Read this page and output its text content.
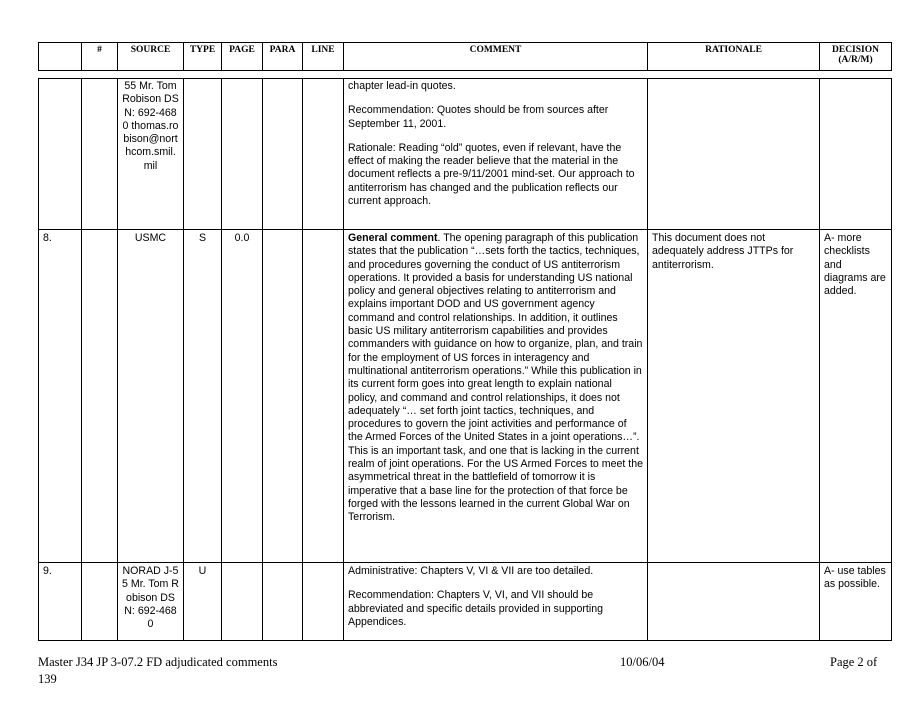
	#	SOURCE	TYPE	PAGE	PARA	LINE	COMMENT	RATIONALE	DECISION
(A/R/M)
		55 Mr. Tom Robison DSN: 692-4680 thomas.robison@northcom.smil.mil					chapter lead-in quotes.

Recommendation: Quotes should be from sources after September 11, 2001.

Rationale: Reading “old” quotes, even if relevant, have the effect of making the reader believe that the material in the document reflects a pre-9/11/2001 mind-set. Our approach to antiterrorism has changed and the publication reflects our current approach.		

8.		USMC	S	0.0			General comment. The opening paragraph of this publication states that the publication “…sets forth the tactics, techniques, and procedures governing the conduct of US antiterrorism operations. It provided a basis for understanding US national policy and general objectives relating to antiterrorism and explains important DOD and US government agency command and control relationships. In addition, it outlines basic US military antiterrorism capabilities and provides commanders with guidance on how to organize, plan, and train for the employment of US forces in interagency and multinational antiterrorism operations.” While this publication in its current form goes into great length to explain national policy, and command and control relationships, it does not adequately “… set forth joint tactics, techniques, and procedures to govern the joint activities and performance of the Armed Forces of the United States in a joint operations…”. This is an important task, and one that is lacking in the current realm of joint operations. For the US Armed Forces to meet the asymmetrical threat in the battlefield of tomorrow it is imperative that a base line for the protection of that force be forged with the lessons learned in the current Global War on Terrorism.	This document does not adequately address JTTPs for antiterrorism.	A- more checklists and diagrams are added.
9.		NORAD J-55 Mr. Tom Robison DSN: 692-4680	U				Administrative: Chapters V, VI & VII are too detailed.

Recommendation: Chapters V, VI, and VII should be abbreviated and specific details provided in supporting Appendices.		A- use tables as possible.
Master J34 JP 3-07.2 FD adjudicated comments	10/06/04	Page 2 of
139
